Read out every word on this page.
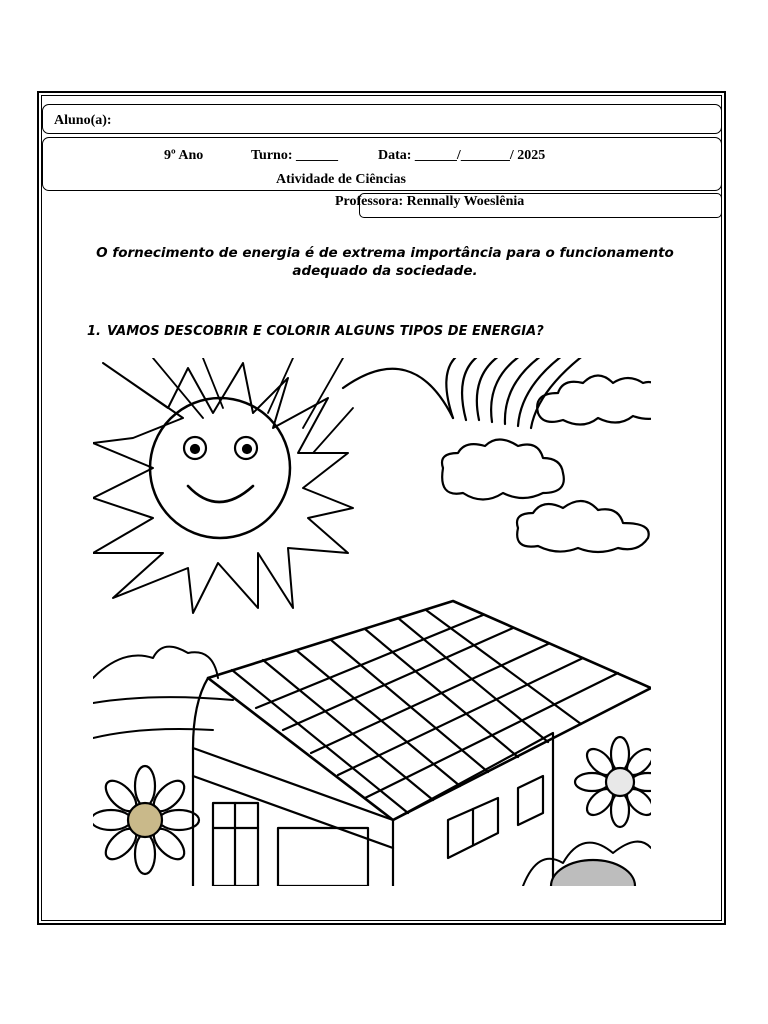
Aluno(a):
9º Ano	Turno: ______	Data: ______/_______/ 2025
Atividade de Ciências
Professora: Rennally Woeslênia
O fornecimento de energia é de extrema importância para o funcionamento adequado da sociedade.
1. VAMOS DESCOBRIR E COLORIR ALGUNS TIPOS DE ENERGIA?
